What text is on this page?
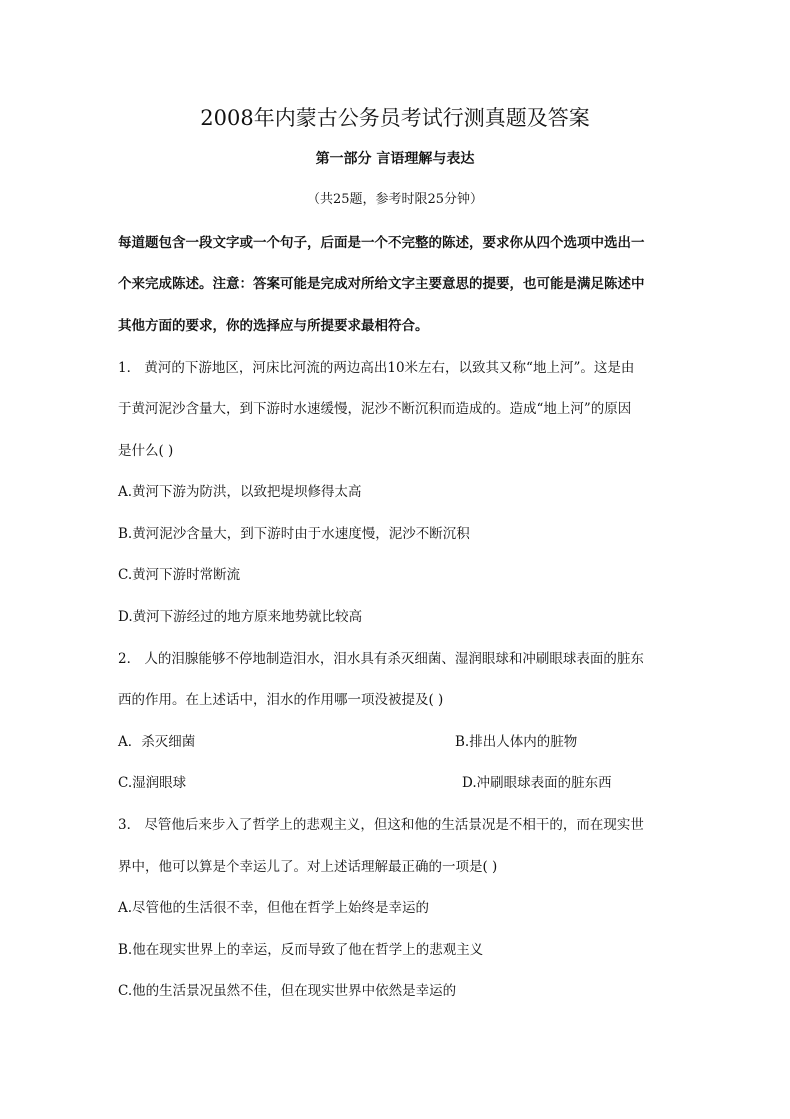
2008年内蒙古公务员考试行测真题及答案
第一部分 言语理解与表达
（共25题，参考时限25分钟）
每道题包含一段文字或一个句子，后面是一个不完整的陈述，要求你从四个选项中选出一
个来完成陈述。注意：答案可能是完成对所给文字主要意思的提要，也可能是满足陈述中
其他方面的要求，你的选择应与所提要求最相符合。
1． 黄河的下游地区，河床比河流的两边高出10米左右，以致其又称“地上河”。这是由
于黄河泥沙含量大，到下游时水速缓慢，泥沙不断沉积而造成的。造成“地上河”的原因
是什么( )
A.黄河下游为防洪，以致把堤坝修得太高
B.黄河泥沙含量大，到下游时由于水速度慢，泥沙不断沉积
C.黄河下游时常断流
D.黄河下游经过的地方原来地势就比较高
2． 人的泪腺能够不停地制造泪水，泪水具有杀灭细菌、湿润眼球和冲刷眼球表面的脏东
西的作用。在上述话中，泪水的作用哪一项没被提及( )
A．杀灭细菌	B.排出人体内的脏物
C.湿润眼球	D.冲刷眼球表面的脏东西
3． 尽管他后来步入了哲学上的悲观主义，但这和他的生活景况是不相干的，而在现实世
界中，他可以算是个幸运儿了。对上述话理解最正确的一项是( )
A.尽管他的生活很不幸，但他在哲学上始终是幸运的
B.他在现实世界上的幸运，反而导致了他在哲学上的悲观主义
C.他的生活景况虽然不佳，但在现实世界中依然是幸运的
